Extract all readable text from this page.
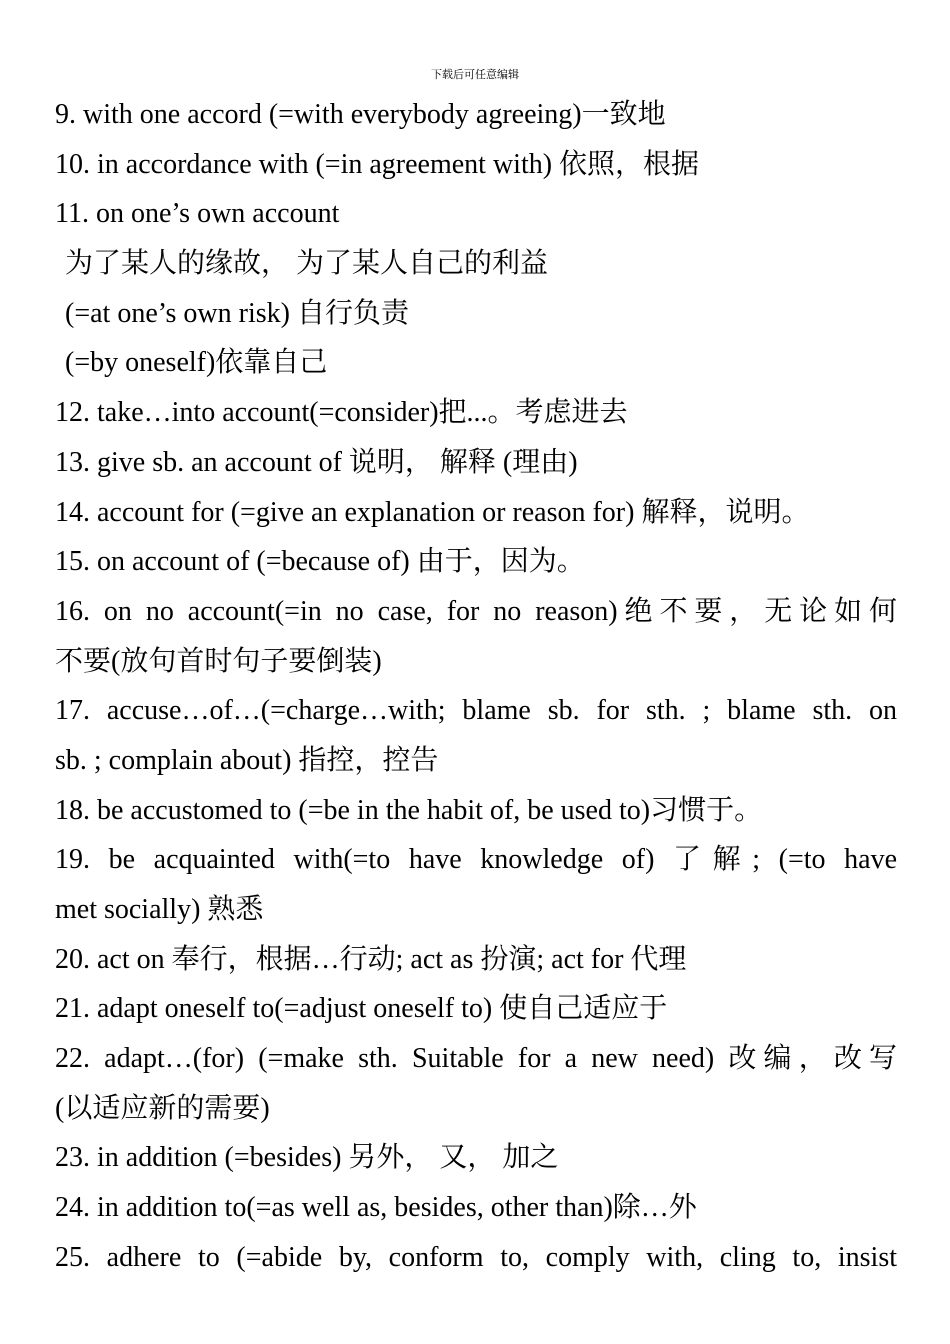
下载后可任意编辑
9. with one accord (=with everybody agreeing)一致地
10. in accordance with (=in agreement with) 依照，根据
11. on one’s own account
为了某人的缘故， 为了某人自己的利益
(=at one’s own risk) 自行负责
(=by oneself)依靠自己
12. take…into account(=consider)把...。考虑进去
13. give sb. an account of 说明， 解释 (理由)
14. account for (=give an explanation or reason for) 解释，说明。
15. on account of (=because of) 由于，因为。
16. on no account(=in no case, for no reason)绝不要，无论如何
不要(放句首时句子要倒装)
17. accuse…of…(=charge…with; blame sb. for sth. ; blame sth. on
sb. ; complain about) 指控，控告
18. be accustomed to (=be in the habit of, be used to)习惯于。
19. be acquainted with(=to have knowledge of) 了解; (=to have
met socially) 熟悉
20. act on 奉行，根据…行动; act as 扮演; act for 代理
21. adapt oneself to(=adjust oneself to) 使自己适应于
22. adapt…(for) (=make sth. Suitable for a new need) 改编，改写
(以适应新的需要)
23. in addition (=besides) 另外， 又， 加之
24. in addition to(=as well as, besides, other than)除…外
25. adhere to (=abide by, conform to, comply with, cling to, insist
